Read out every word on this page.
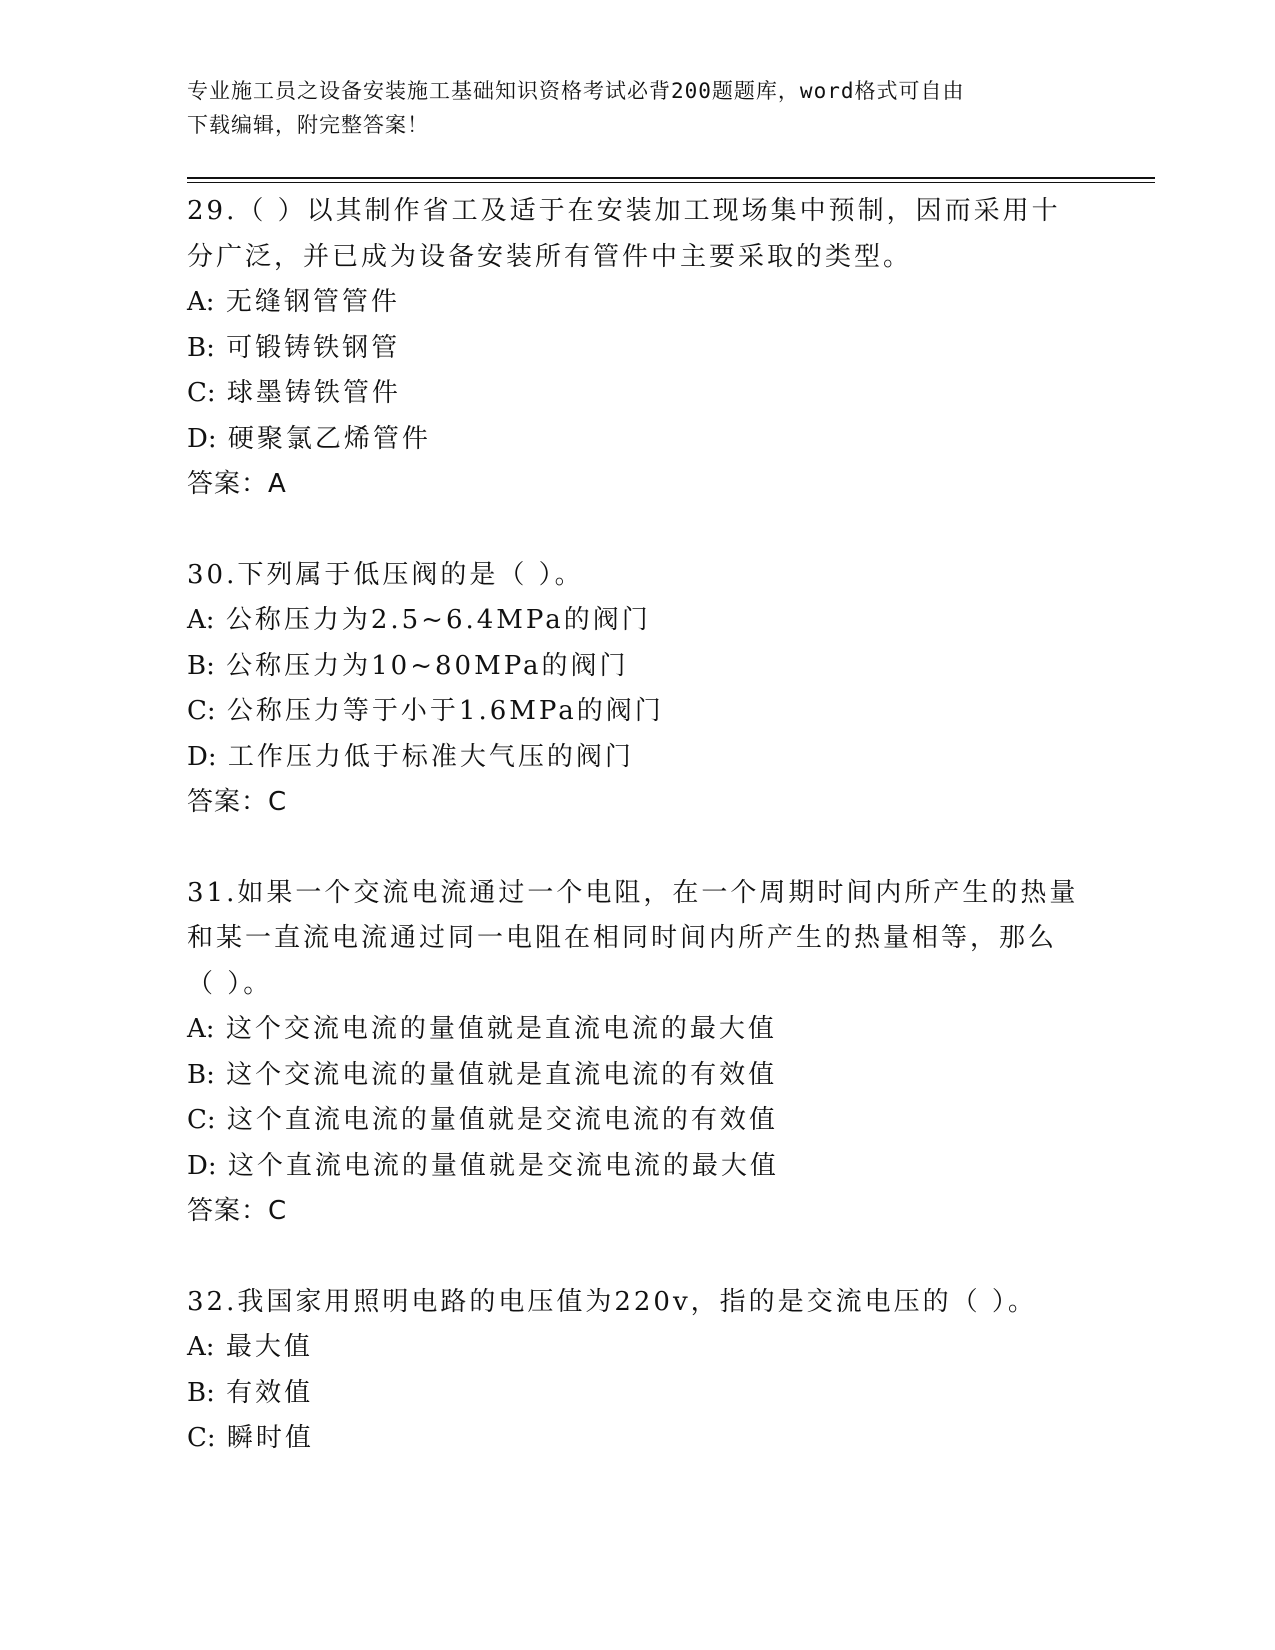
专业施工员之设备安装施工基础知识资格考试必背200题题库，word格式可自由
下载编辑，附完整答案！
29.（ ）以其制作省工及适于在安装加工现场集中预制，因而采用十
分广泛，并已成为设备安装所有管件中主要采取的类型。
A: 无缝钢管管件
B: 可锻铸铁钢管
C: 球墨铸铁管件
D: 硬聚氯乙烯管件
答案：A
30.下列属于低压阀的是（ ）。
A: 公称压力为2.5~6.4MPa的阀门
B: 公称压力为10~80MPa的阀门
C: 公称压力等于小于1.6MPa的阀门
D: 工作压力低于标准大气压的阀门
答案：C
31.如果一个交流电流通过一个电阻，在一个周期时间内所产生的热量
和某一直流电流通过同一电阻在相同时间内所产生的热量相等，那么
（ ）。
A: 这个交流电流的量值就是直流电流的最大值
B: 这个交流电流的量值就是直流电流的有效值
C: 这个直流电流的量值就是交流电流的有效值
D: 这个直流电流的量值就是交流电流的最大值
答案：C
32.我国家用照明电路的电压值为220v，指的是交流电压的（ ）。
A: 最大值
B: 有效值
C: 瞬时值
